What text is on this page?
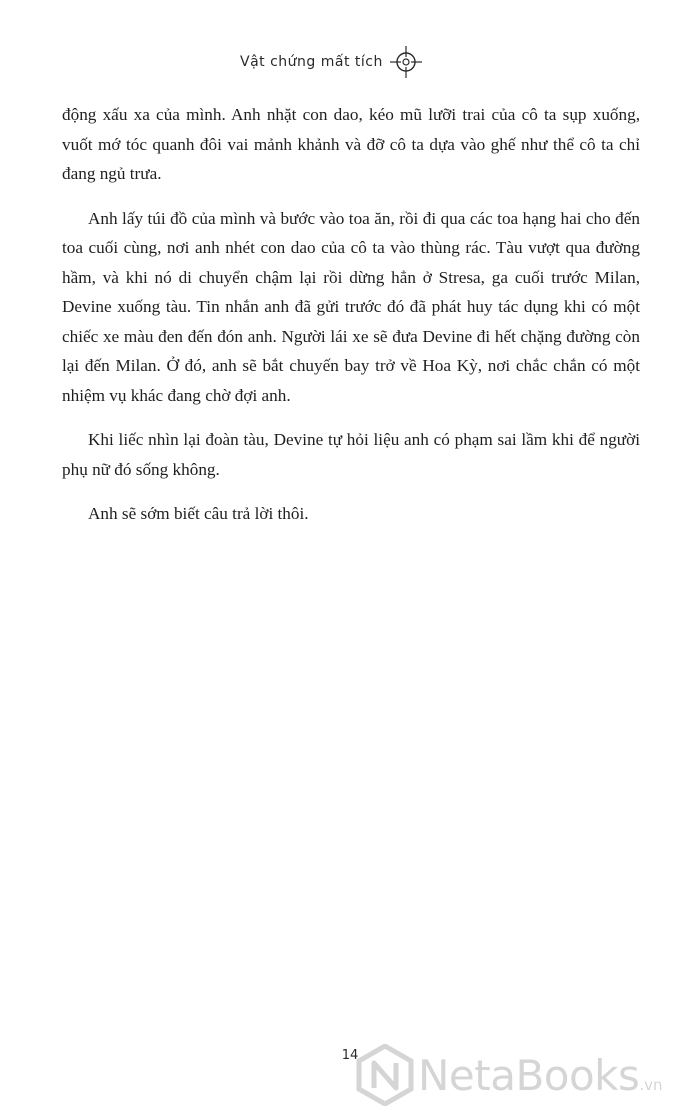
Vật chứng mất tích

động xấu xa của mình. Anh nhặt con dao, kéo mũ lưỡi trai của cô ta sụp xuống, vuốt mớ tóc quanh đôi vai mảnh khảnh và đỡ cô ta dựa vào ghế như thể cô ta chỉ đang ngủ trưa.

Anh lấy túi đồ của mình và bước vào toa ăn, rồi đi qua các toa hạng hai cho đến toa cuối cùng, nơi anh nhét con dao của cô ta vào thùng rác. Tàu vượt qua đường hầm, và khi nó di chuyển chậm lại rồi dừng hẳn ở Stresa, ga cuối trước Milan, Devine xuống tàu. Tin nhắn anh đã gửi trước đó đã phát huy tác dụng khi có một chiếc xe màu đen đến đón anh. Người lái xe sẽ đưa Devine đi hết chặng đường còn lại đến Milan. Ở đó, anh sẽ bắt chuyến bay trở về Hoa Kỳ, nơi chắc chắn có một nhiệm vụ khác đang chờ đợi anh.

Khi liếc nhìn lại đoàn tàu, Devine tự hỏi liệu anh có phạm sai lầm khi để người phụ nữ đó sống không.

Anh sẽ sớm biết câu trả lời thôi.

14	NetaBooks.vn
